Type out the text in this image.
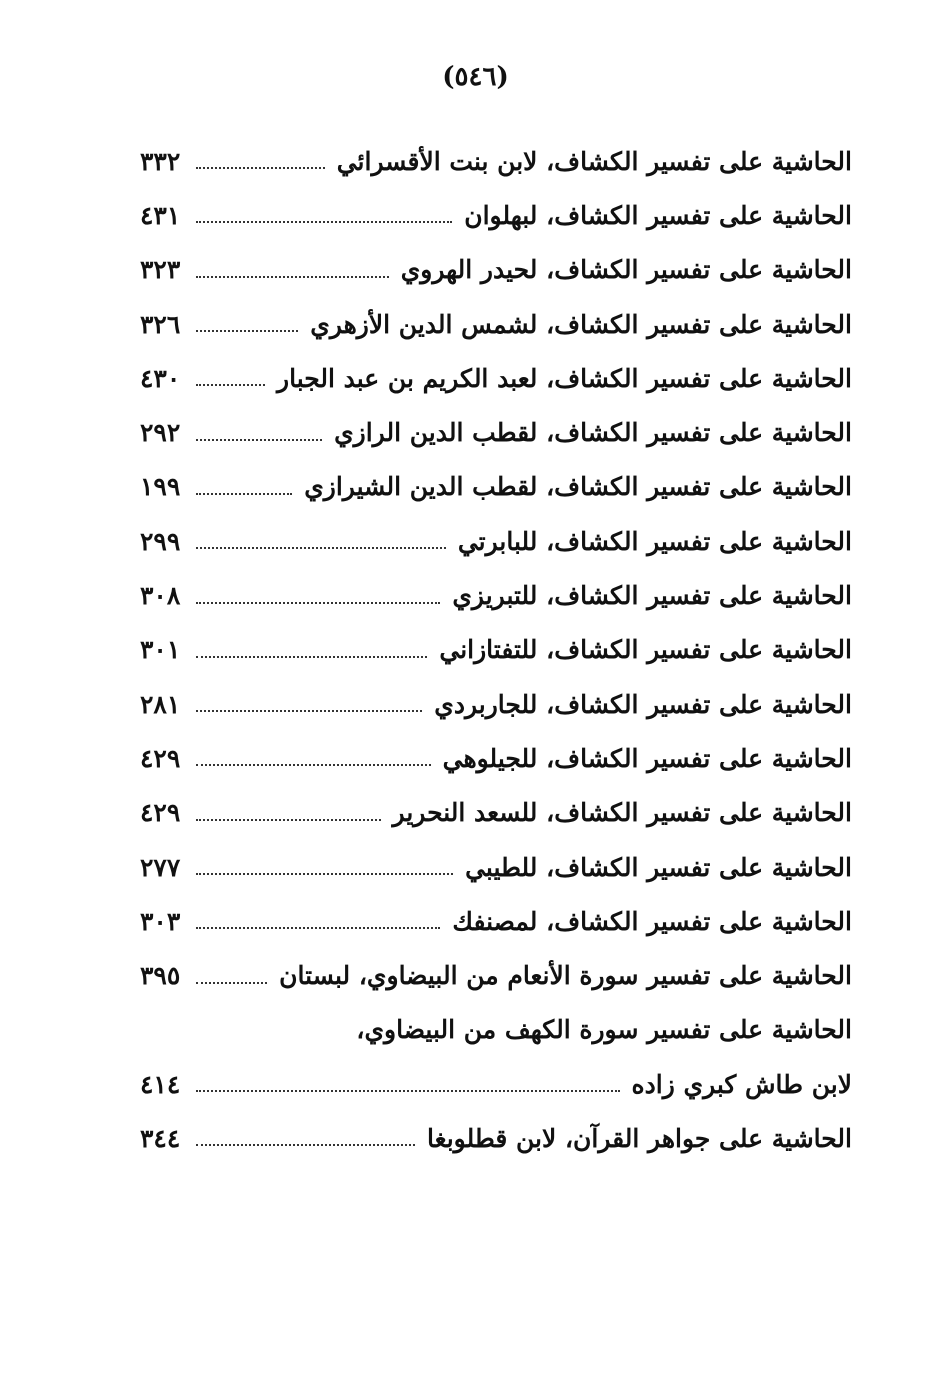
(٥٤٦)
الحاشية على تفسير الكشاف، لابن بنت الأقسرائي
٣٣٢
الحاشية على تفسير الكشاف، لبهلوان
٤٣١
الحاشية على تفسير الكشاف، لحيدر الهروي
٣٢٣
الحاشية على تفسير الكشاف، لشمس الدين الأزهري
٣٢٦
الحاشية على تفسير الكشاف، لعبد الكريم بن عبد الجبار
٤٣٠
الحاشية على تفسير الكشاف، لقطب الدين الرازي
٢٩٢
الحاشية على تفسير الكشاف، لقطب الدين الشيرازي
١٩٩
الحاشية على تفسير الكشاف، للبابرتي
٢٩٩
الحاشية على تفسير الكشاف، للتبريزي
٣٠٨
الحاشية على تفسير الكشاف، للتفتازاني
٣٠١
الحاشية على تفسير الكشاف، للجاربردي
٢٨١
الحاشية على تفسير الكشاف، للجيلوهي
٤٢٩
الحاشية على تفسير الكشاف، للسعد النحرير
٤٢٩
الحاشية على تفسير الكشاف، للطيبي
٢٧٧
الحاشية على تفسير الكشاف، لمصنفك
٣٠٣
الحاشية على تفسير سورة الأنعام من البيضاوي، لبستان
٣٩٥
الحاشية على تفسير سورة الكهف من البيضاوي،
لابن طاش كبري زاده
٤١٤
الحاشية على جواهر القرآن، لابن قطلوبغا
٣٤٤
